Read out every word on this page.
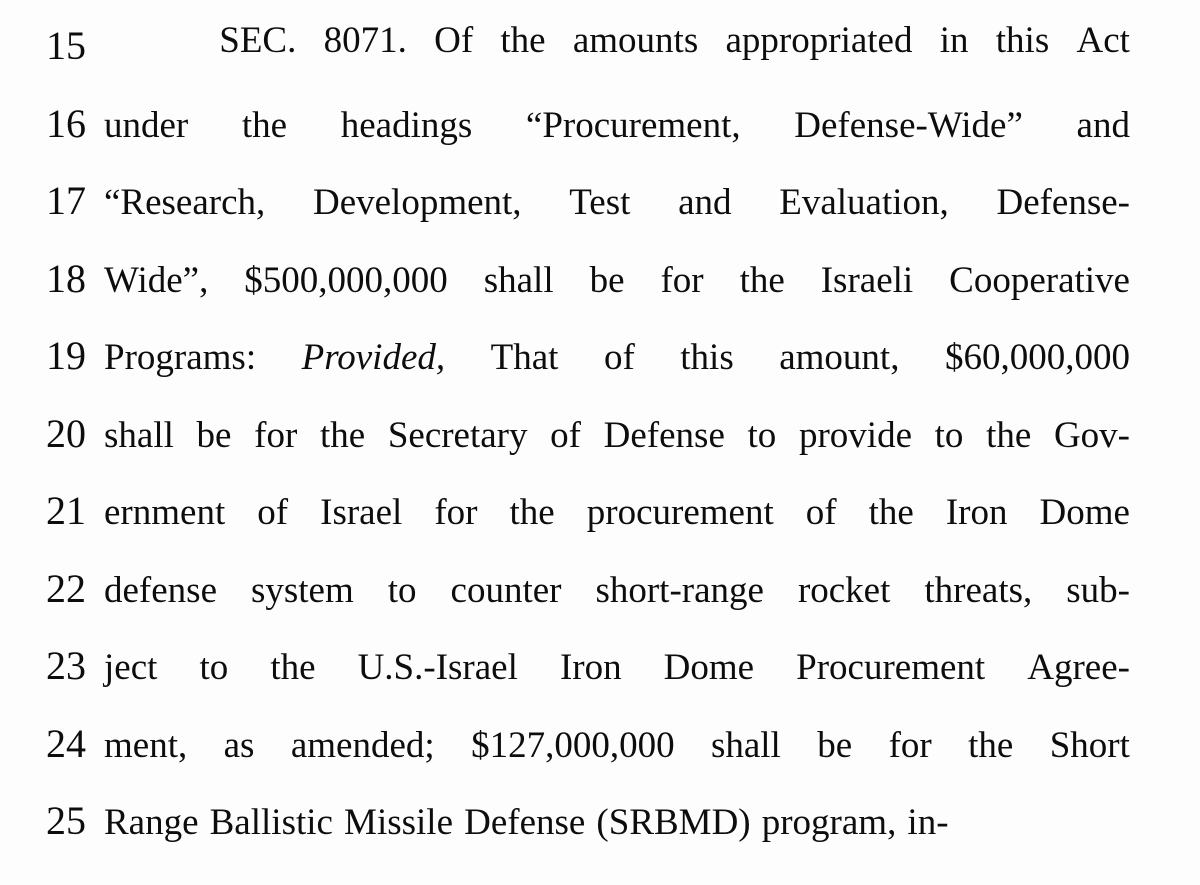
15	SEC. 8071. Of the amounts appropriated in this Act
16 under the headings “Procurement, Defense-Wide” and
17 “Research, Development, Test and Evaluation, Defense-
18 Wide”, $500,000,000 shall be for the Israeli Cooperative
19 Programs: Provided, That of this amount, $60,000,000
20 shall be for the Secretary of Defense to provide to the Gov-
21 ernment of Israel for the procurement of the Iron Dome
22 defense system to counter short-range rocket threats, sub-
23 ject to the U.S.-Israel Iron Dome Procurement Agree-
24 ment, as amended; $127,000,000 shall be for the Short
25 Range Ballistic Missile Defense (SRBMD) program, in-
